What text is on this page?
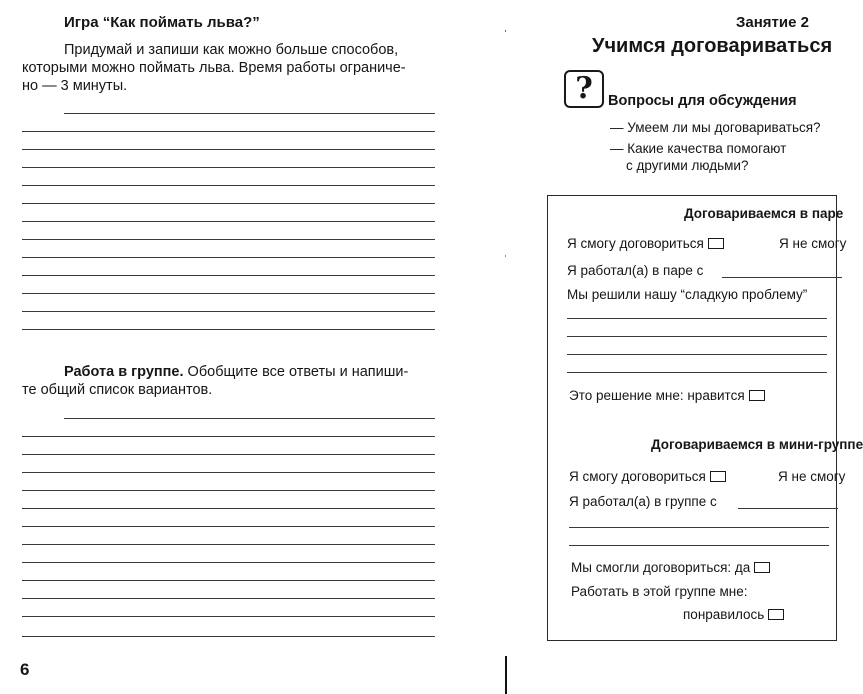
Игра “Как поймать льва?”
Придумай и запиши как можно больше способов,
которыми можно поймать льва. Время работы ограниче-
но — 3 минуты.
Работа в группе. Обобщите все ответы и напиши-
те общий список вариантов.
6
Занятие 2
Учимся договариваться
?	Вопросы для обсуждения
— Умеем ли мы договариваться?
— Какие качества помогают
с другими людьми?
Договариваемся в паре
Я смогу договориться	Я не смогу
Я работал(а) в паре с
Мы решили нашу “сладкую проблему”
Это решение мне: нравится
Договариваемся в мини-группе
Я смогу договориться	Я не смогу
Я работал(а) в группе с
Мы смогли договориться: да
Работать в этой группе мне:
понравилось
